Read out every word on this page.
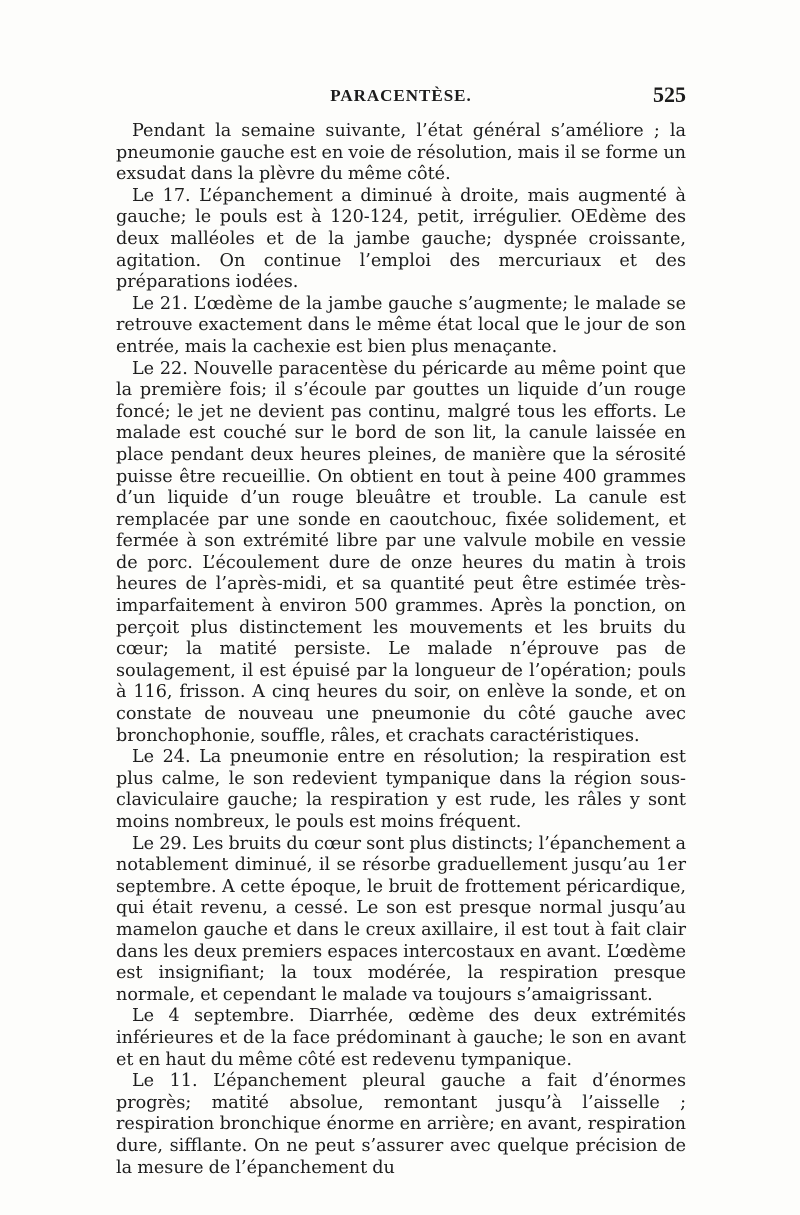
PARACENTÈSE.	525

Pendant la semaine suivante, l’état général s’améliore ; la pneumonie gauche est en voie de résolution, mais il se forme un exsudat dans la plèvre du même côté.

Le 17. L’épanchement a diminué à droite, mais augmenté à gauche; le pouls est à 120-124, petit, irrégulier. OEdème des deux malléoles et de la jambe gauche; dyspnée croissante, agitation. On continue l’emploi des mercuriaux et des préparations iodées.

Le 21. L’œdème de la jambe gauche s’augmente; le malade se retrouve exactement dans le même état local que le jour de son entrée, mais la cachexie est bien plus menaçante.

Le 22. Nouvelle paracentèse du péricarde au même point que la première fois; il s’écoule par gouttes un liquide d’un rouge foncé; le jet ne devient pas continu, malgré tous les efforts. Le malade est couché sur le bord de son lit, la canule laissée en place pendant deux heures pleines, de manière que la sérosité puisse être recueillie. On obtient en tout à peine 400 grammes d’un liquide d’un rouge bleuâtre et trouble. La canule est remplacée par une sonde en caoutchouc, fixée solidement, et fermée à son extrémité libre par une valvule mobile en vessie de porc. L’écoulement dure de onze heures du matin à trois heures de l’après-midi, et sa quantité peut être estimée très-imparfaitement à environ 500 grammes. Après la ponction, on perçoit plus distinctement les mouvements et les bruits du cœur; la matité persiste. Le malade n’éprouve pas de soulagement, il est épuisé par la longueur de l’opération; pouls à 116, frisson. A cinq heures du soir, on enlève la sonde, et on constate de nouveau une pneumonie du côté gauche avec bronchophonie, souffle, râles, et crachats caractéristiques.

Le 24. La pneumonie entre en résolution; la respiration est plus calme, le son redevient tympanique dans la région sous-claviculaire gauche; la respiration y est rude, les râles y sont moins nombreux, le pouls est moins fréquent.

Le 29. Les bruits du cœur sont plus distincts; l’épanchement a notablement diminué, il se résorbe graduellement jusqu’au 1er septembre. A cette époque, le bruit de frottement péricardique, qui était revenu, a cessé. Le son est presque normal jusqu’au mamelon gauche et dans le creux axillaire, il est tout à fait clair dans les deux premiers espaces intercostaux en avant. L’œdème est insignifiant; la toux modérée, la respiration presque normale, et cependant le malade va toujours s’amaigrissant.

Le 4 septembre. Diarrhée, œdème des deux extrémités inférieures et de la face prédominant à gauche; le son en avant et en haut du même côté est redevenu tympanique.

Le 11. L’épanchement pleural gauche a fait d’énormes progrès; matité absolue, remontant jusqu’à l’aisselle ; respiration bronchique énorme en arrière; en avant, respiration dure, sifflante. On ne peut s’assurer avec quelque précision de la mesure de l’épanchement du
